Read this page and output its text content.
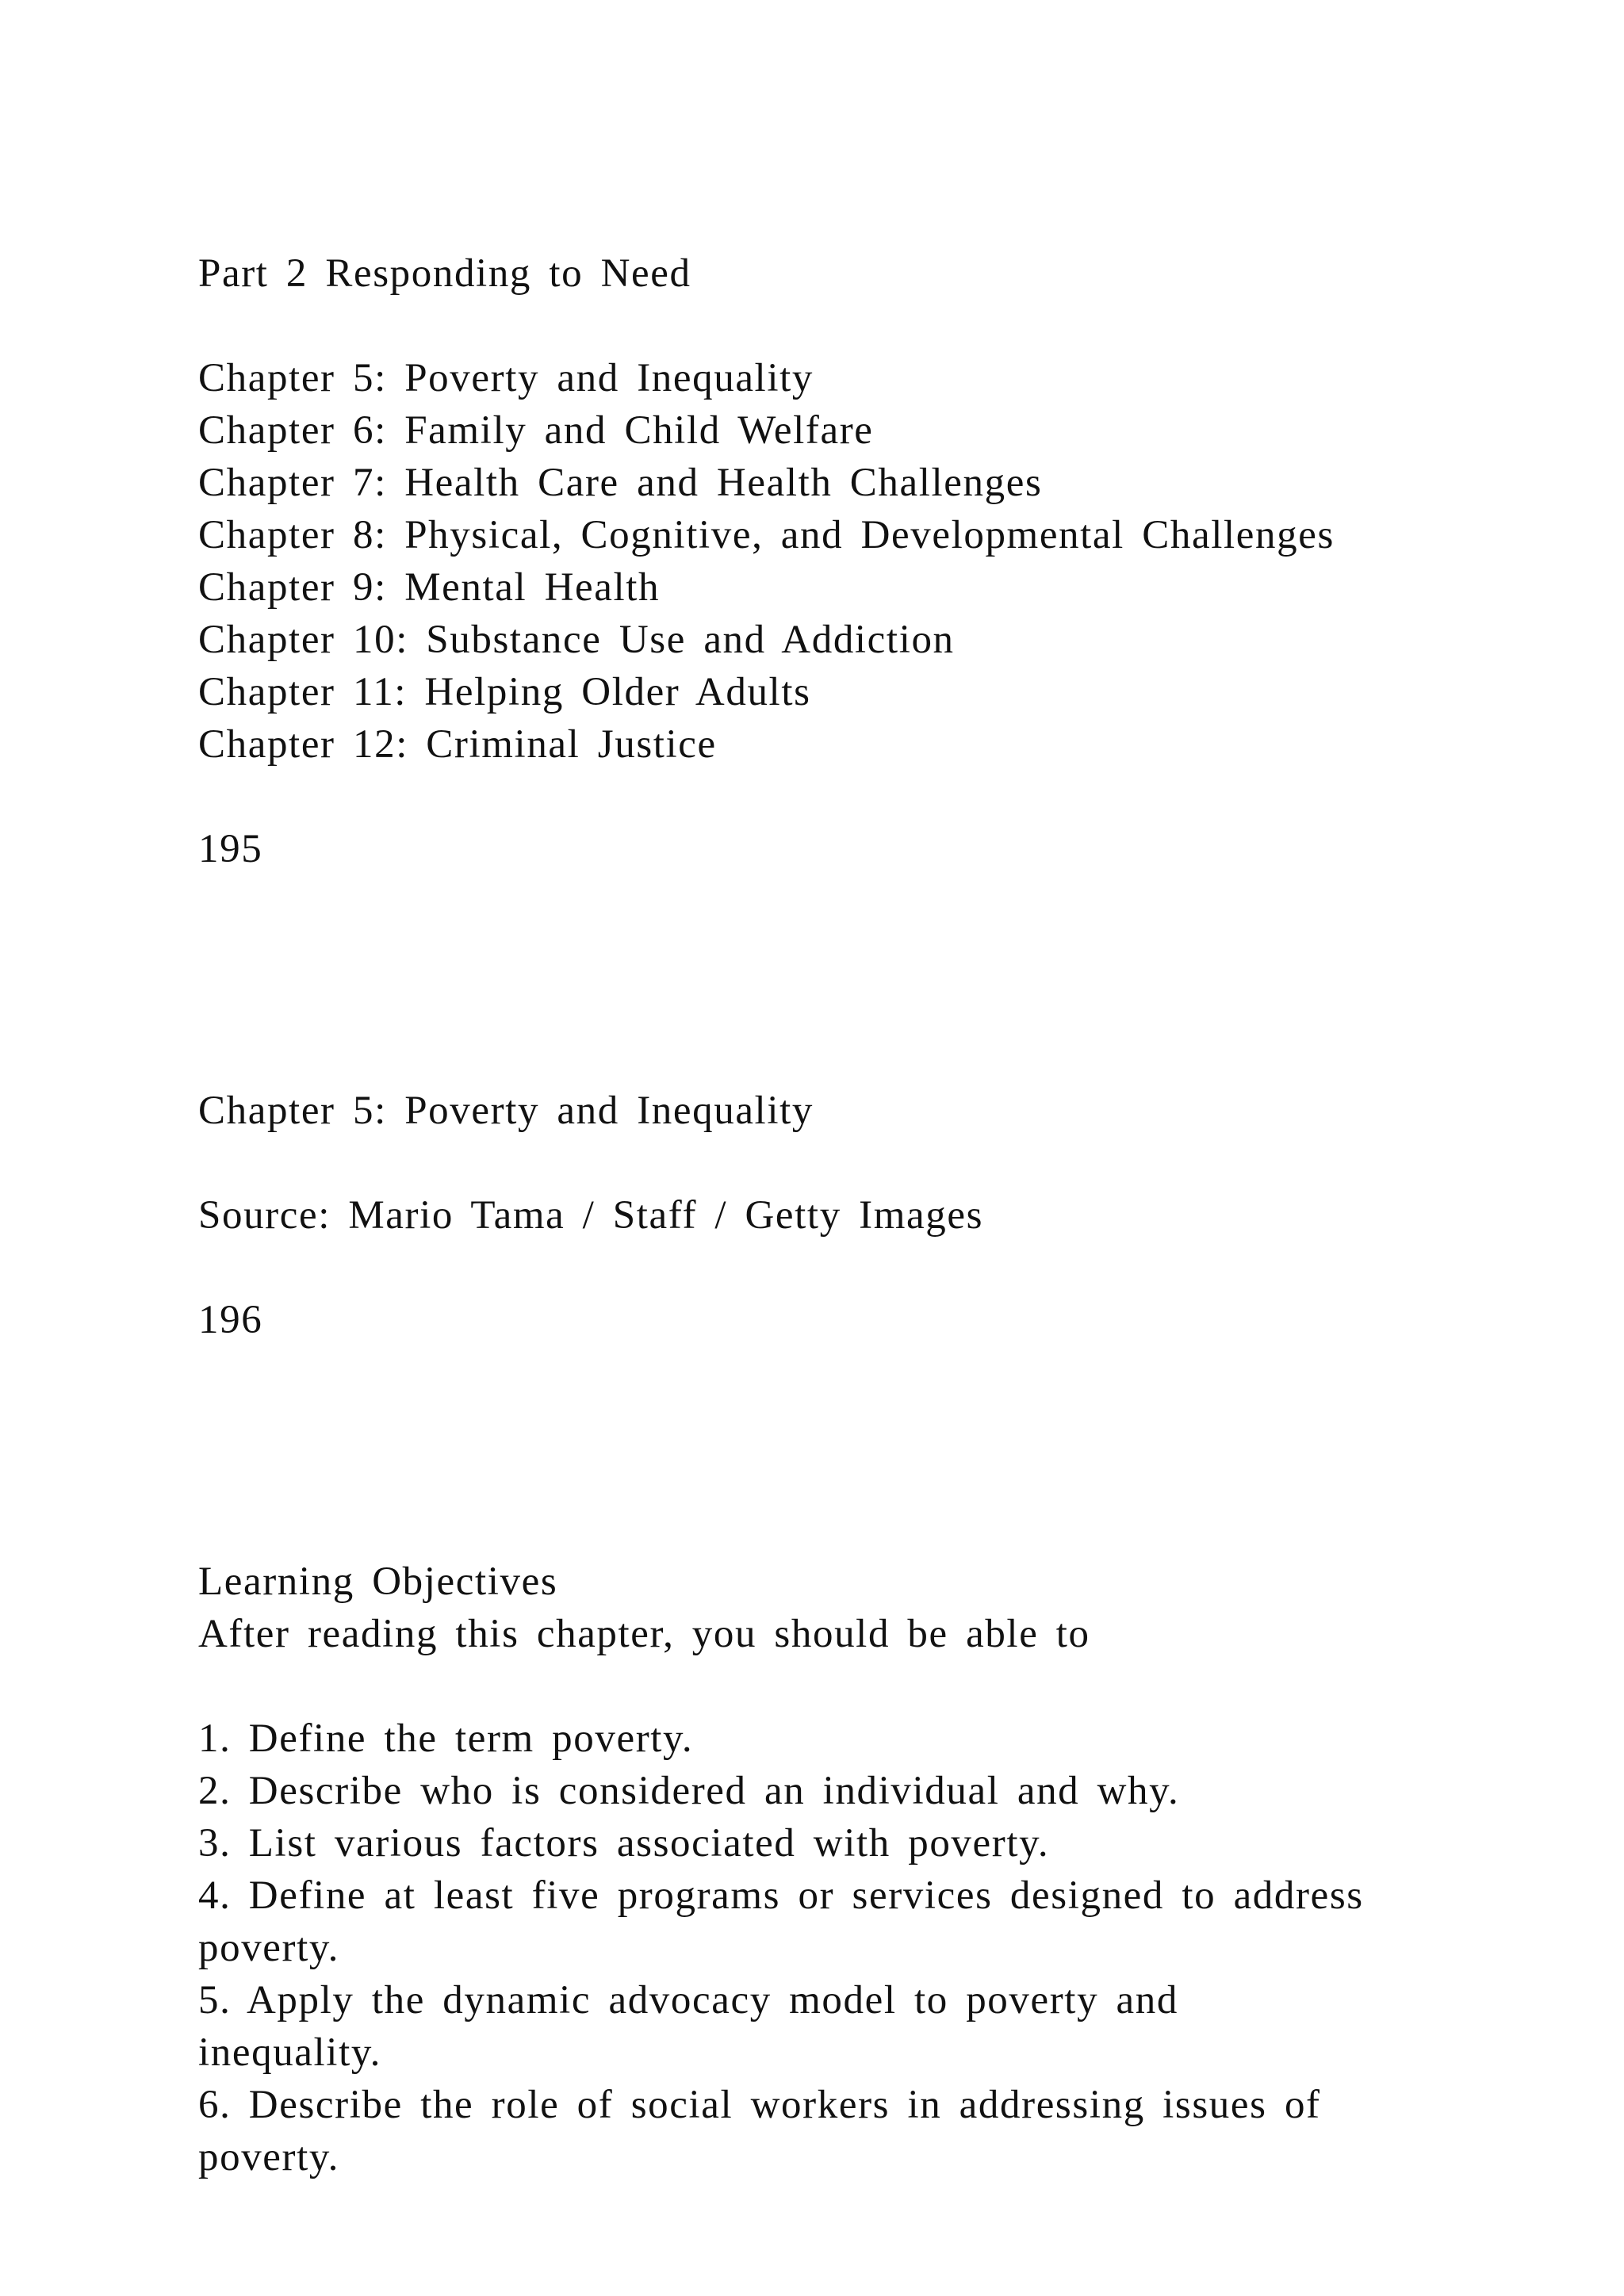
Part 2 Responding to Need
Chapter 5: Poverty and Inequality
Chapter 6: Family and Child Welfare
Chapter 7: Health Care and Health Challenges
Chapter 8: Physical, Cognitive, and Developmental Challenges
Chapter 9: Mental Health
Chapter 10: Substance Use and Addiction
Chapter 11: Helping Older Adults
Chapter 12: Criminal Justice
195
Chapter 5: Poverty and Inequality
Source: Mario Tama / Staff / Getty Images
196
Learning Objectives
After reading this chapter, you should be able to
1. Define the term poverty.
2. Describe who is considered an individual and why.
3. List various factors associated with poverty.
4. Define at least five programs or services designed to address
poverty.
5. Apply the dynamic advocacy model to poverty and
inequality.
6. Describe the role of social workers in addressing issues of
poverty.
